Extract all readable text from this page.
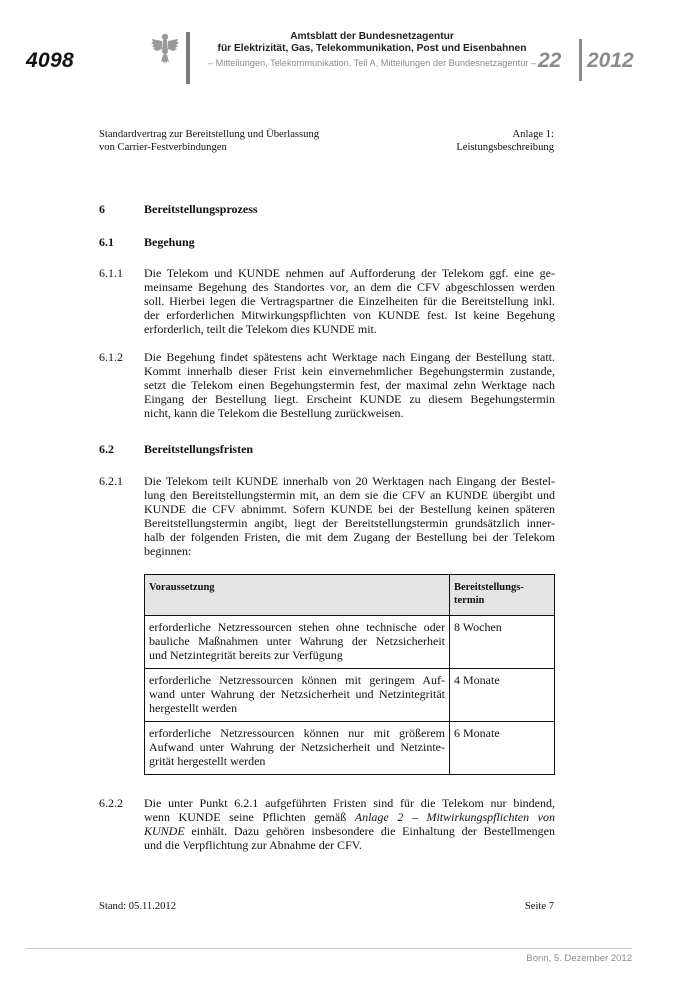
4098
Amtsblatt der Bundesnetzagentur
für Elektrizität, Gas, Telekommunikation, Post und Eisenbahnen
– Mitteilungen, Telekommunikation, Teil A, Mitteilungen der Bundesnetzagentur – 22 2012
Standardvertrag zur Bereitstellung und Überlassung
von Carrier-Festverbindungen
Anlage 1:
Leistungsbeschreibung
6	Bereitstellungsprozess
6.1	Begehung
6.1.1 Die Telekom und KUNDE nehmen auf Aufforderung der Telekom ggf. eine ge-
meinsame Begehung des Standortes vor, an dem die CFV abgeschlossen werden
soll. Hierbei legen die Vertragspartner die Einzelheiten für die Bereitstellung inkl.
der erforderlichen Mitwirkungspflichten von KUNDE fest. Ist keine Begehung
erforderlich, teilt die Telekom dies KUNDE mit.
6.1.2 Die Begehung findet spätestens acht Werktage nach Eingang der Bestellung statt.
Kommt innerhalb dieser Frist kein einvernehmlicher Begehungstermin zustande,
setzt die Telekom einen Begehungstermin fest, der maximal zehn Werktage nach
Eingang der Bestellung liegt. Erscheint KUNDE zu diesem Begehungstermin
nicht, kann die Telekom die Bestellung zurückweisen.
6.2	Bereitstellungsfristen
6.2.1 Die Telekom teilt KUNDE innerhalb von 20 Werktagen nach Eingang der Bestel-
lung den Bereitstellungstermin mit, an dem sie die CFV an KUNDE übergibt und
KUNDE die CFV abnimmt. Sofern KUNDE bei der Bestellung keinen späteren
Bereitstellungstermin angibt, liegt der Bereitstellungstermin grundsätzlich inner-
halb der folgenden Fristen, die mit dem Zugang der Bestellung bei der Telekom
beginnen:
Voraussetzung	Bereitstellungs-
termin

erforderliche Netzressourcen stehen ohne technische oder
bauliche Maßnahmen unter Wahrung der Netzsicherheit
und Netzintegrität bereits zur Verfügung	8 Wochen

erforderliche Netzressourcen können mit geringem Auf-
wand unter Wahrung der Netzsicherheit und Netzintegrität
hergestellt werden	4 Monate

erforderliche Netzressourcen können nur mit größerem
Aufwand unter Wahrung der Netzsicherheit und Netzinte-
grität hergestellt werden	6 Monate
6.2.2 Die unter Punkt 6.2.1 aufgeführten Fristen sind für die Telekom nur bindend,
wenn KUNDE seine Pflichten gemäß Anlage 2 – Mitwirkungspflichten von
KUNDE einhält. Dazu gehören insbesondere die Einhaltung der Bestellmengen
und die Verpflichtung zur Abnahme der CFV.
Stand: 05.11.2012	Seite 7
Bonn, 5. Dezember 2012
